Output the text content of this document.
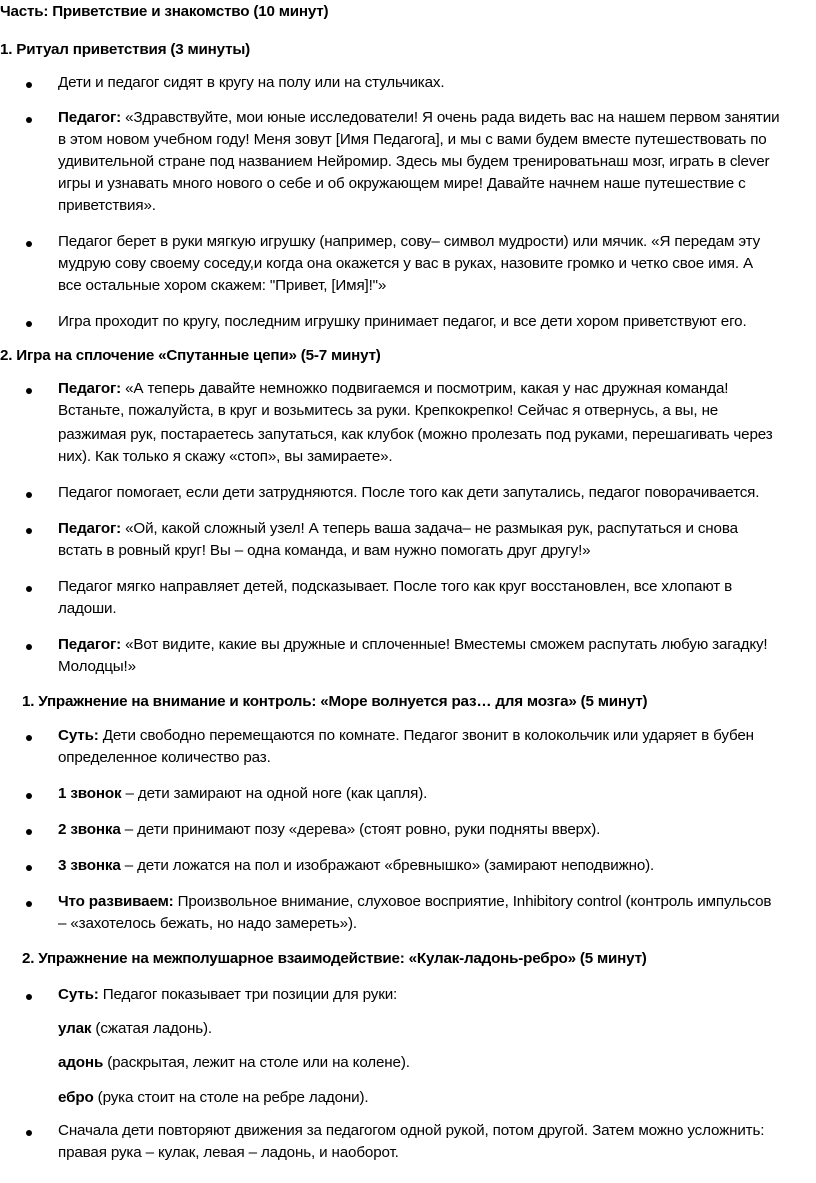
Часть: Приветствие и знакомство (10 минут)
1. Ритуал приветствия (3 минуты)
Дети и педагог сидят в кругу на полу или на стульчиках.
Педагог: «Здравствуйте, мои юные исследователи! Я очень рада видеть вас на нашем первом занятии
в этом новом учебном году! Меня зовут [Имя Педагога], и мы с вами будем вместе путешествовать по
удивительной стране под названием Нейромир. Здесь мы будем тренироватьнаш мозг, играть в clever
игры и узнавать много нового о себе и об окружающем мире! Давайте начнем наше путешествие с
приветствия».
Педагог берет в руки мягкую игрушку (например, сову– символ мудрости) или мячик. «Я передам эту
мудрую сову своему соседу,и когда она окажется у вас в руках, назовите громко и четко свое имя. А
все остальные хором скажем: "Привет, [Имя]!"»
Игра проходит по кругу, последним игрушку принимает педагог, и все дети хором приветствуют его.
2. Игра на сплочение «Спутанные цепи» (5-7 минут)
Педагог: «А теперь давайте немножко подвигаемся и посмотрим, какая у нас дружная команда!
Встаньте, пожалуйста, в круг и возьмитесь за руки. Крепкокрепко! Сейчас я отвернусь, а вы, не
разжимая рук, постараетесь запутаться, как клубок (можно пролезать под руками, перешагивать через
них). Как только я скажу «стоп», вы замираете».
Педагог помогает, если дети затрудняются. После того как дети запутались, педагог поворачивается.
Педагог: «Ой, какой сложный узел! А теперь ваша задача– не размыкая рук, распутаться и снова
встать в ровный круг! Вы – одна команда, и вам нужно помогать друг другу!»
Педагог мягко направляет детей, подсказывает. После того как круг восстановлен, все хлопают в
ладоши.
Педагог: «Вот видите, какие вы дружные и сплоченные! Вместемы сможем распутать любую загадку!
Молодцы!»
1. Упражнение на внимание и контроль: «Море волнуется раз… для мозга» (5 минут)
Суть: Дети свободно перемещаются по комнате. Педагог звонит в колокольчик или ударяет в бубен
определенное количество раз.
1 звонок – дети замирают на одной ноге (как цапля).
2 звонка – дети принимают позу «дерева» (стоят ровно, руки подняты вверх).
3 звонка – дети ложатся на пол и изображают «бревнышко» (замирают неподвижно).
Что развиваем: Произвольное внимание, слуховое восприятие, Inhibitory control (контроль импульсов
– «захотелось бежать, но надо замереть»).
2. Упражнение на межполушарное взаимодействие: «Кулак-ладонь-ребро» (5 минут)
Суть: Педагог показывает три позиции для руки:
улак (сжатая ладонь).
адонь (раскрытая, лежит на столе или на колене).
ебро (рука стоит на столе на ребре ладони).
Сначала дети повторяют движения за педагогом одной рукой, потом другой. Затем можно усложнить:
правая рука – кулак, левая – ладонь, и наоборот.
